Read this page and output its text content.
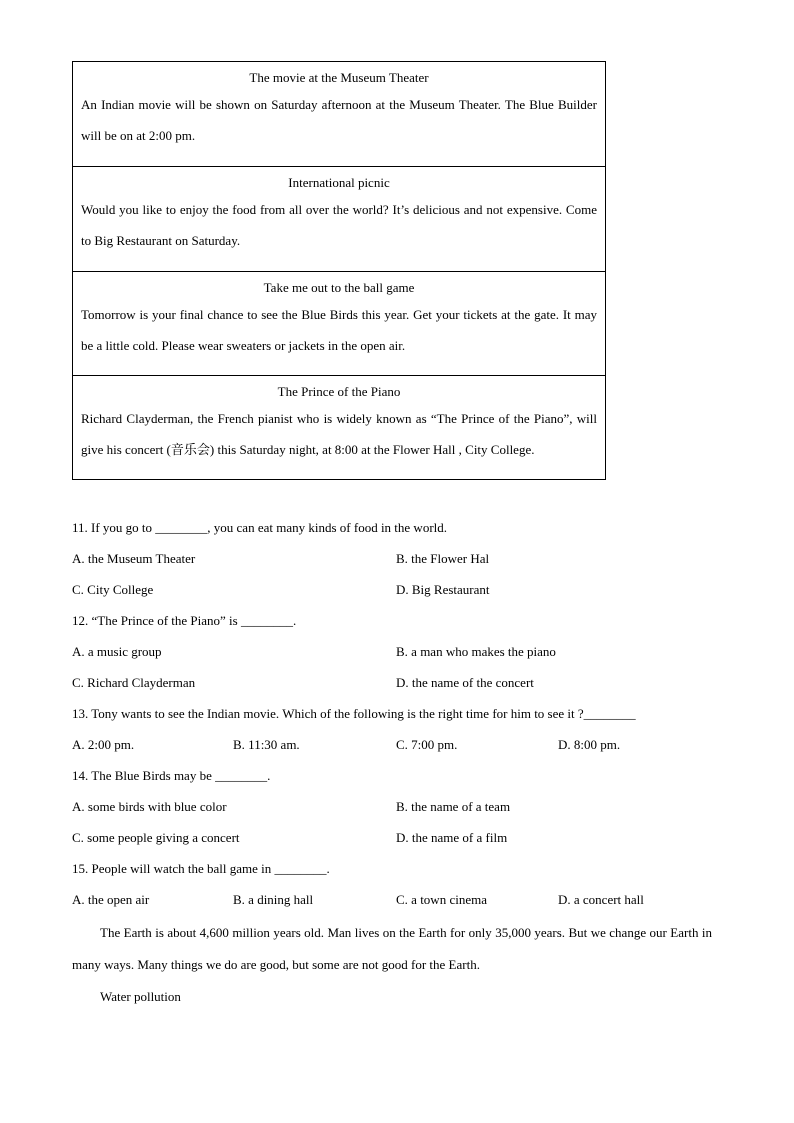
The movie at the Museum Theater
An Indian movie will be shown on Saturday afternoon at the Museum Theater. The Blue Builder will be on at 2:00 pm.
International picnic
Would you like to enjoy the food from all over the world? It’s delicious and not expensive. Come to Big Restaurant on Saturday.
Take me out to the ball game
Tomorrow is your final chance to see the Blue Birds this year. Get your tickets at the gate. It may be a little cold. Please wear sweaters or jackets in the open air.
The Prince of the Piano
Richard Clayderman, the French pianist who is widely known as “The Prince of the Piano”, will give his concert (音乐会) this Saturday night, at 8:00 at the Flower Hall , City College.
11. If you go to ________, you can eat many kinds of food in the world.
A. the Museum Theater	B. the Flower Hal
C. City College	D. Big Restaurant
12. “The Prince of the Piano” is ________.
A. a music group	B. a man who makes the piano
C. Richard Clayderman	D. the name of the concert
13. Tony wants to see the Indian movie. Which of the following is the right time for him to see it ?________
A. 2:00 pm.	B. 11:30 am.	C. 7:00 pm.	D. 8:00 pm.
14. The Blue Birds may be ________.
A. some birds with blue color	B. the name of a team
C. some people giving a concert	D. the name of a film
15. People will watch the ball game in ________.
A. the open air	B. a dining hall	C. a town cinema	D. a concert hall
The Earth is about 4,600 million years old. Man lives on the Earth for only 35,000 years. But we change our Earth in many ways. Many things we do are good, but some are not good for the Earth.
Water pollution
